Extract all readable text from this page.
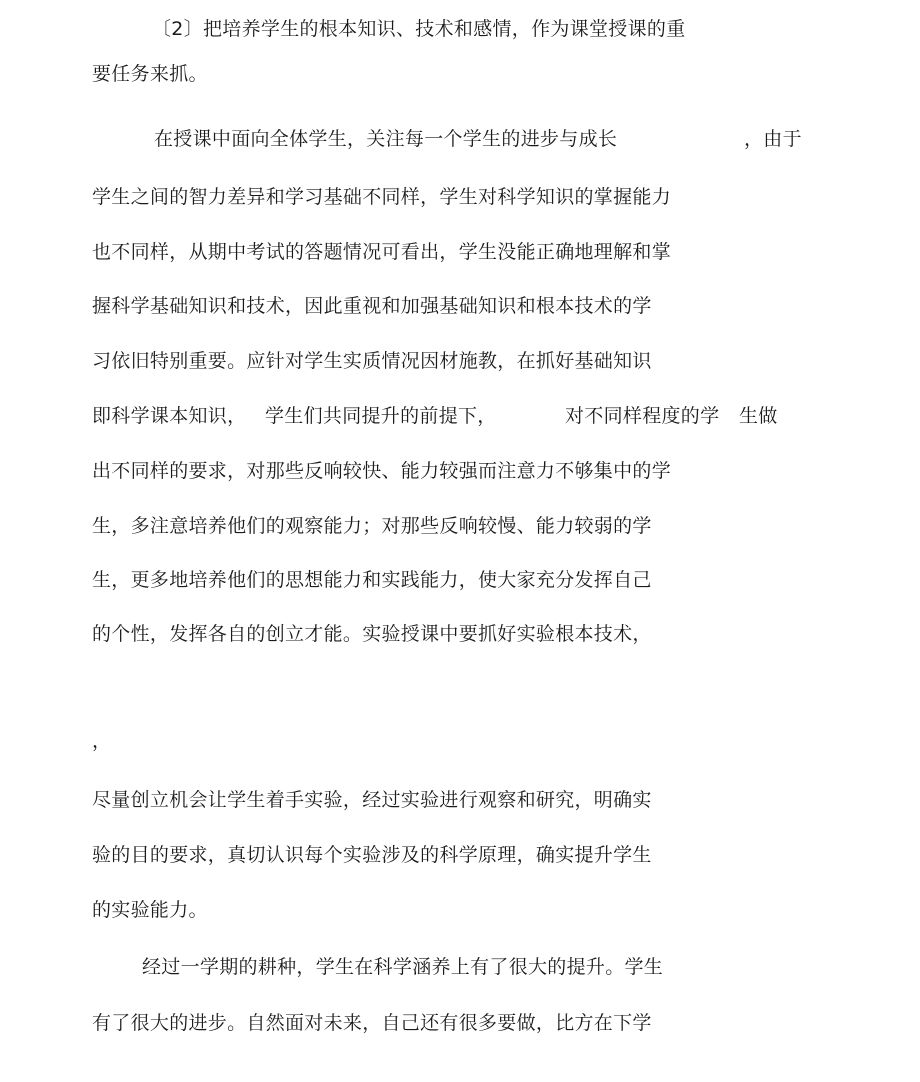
〔2〕把培养学生的根本知识、技术和感情，作为课堂授课的重
要任务来抓。
在授课中面向全体学生，关注每一个学生的进步与成长	，由于
学生之间的智力差异和学习基础不同样，学生对科学知识的掌握能力
也不同样，从期中考试的答题情况可看出，学生没能正确地理解和掌
握科学基础知识和技术，因此重视和加强基础知识和根本技术的学
习依旧特别重要。应针对学生实质情况因材施教，在抓好基础知识
即科学课本知识， 学生们共同提升的前提下，	对不同样程度的学 生做
出不同样的要求，对那些反响较快、能力较强而注意力不够集中的学
生，多注意培养他们的观察能力；对那些反响较慢、能力较弱的学
生，更多地培养他们的思想能力和实践能力，使大家充分发挥自己
的个性，发挥各自的创立才能。实验授课中要抓好实验根本技术，
，
尽量创立机会让学生着手实验，经过实验进行观察和研究，明确实
验的目的要求，真切认识每个实验涉及的科学原理，确实提升学生
的实验能力。
经过一学期的耕种，学生在科学涵养上有了很大的提升。学生
有了很大的进步。自然面对未来，自己还有很多要做，比方在下学
